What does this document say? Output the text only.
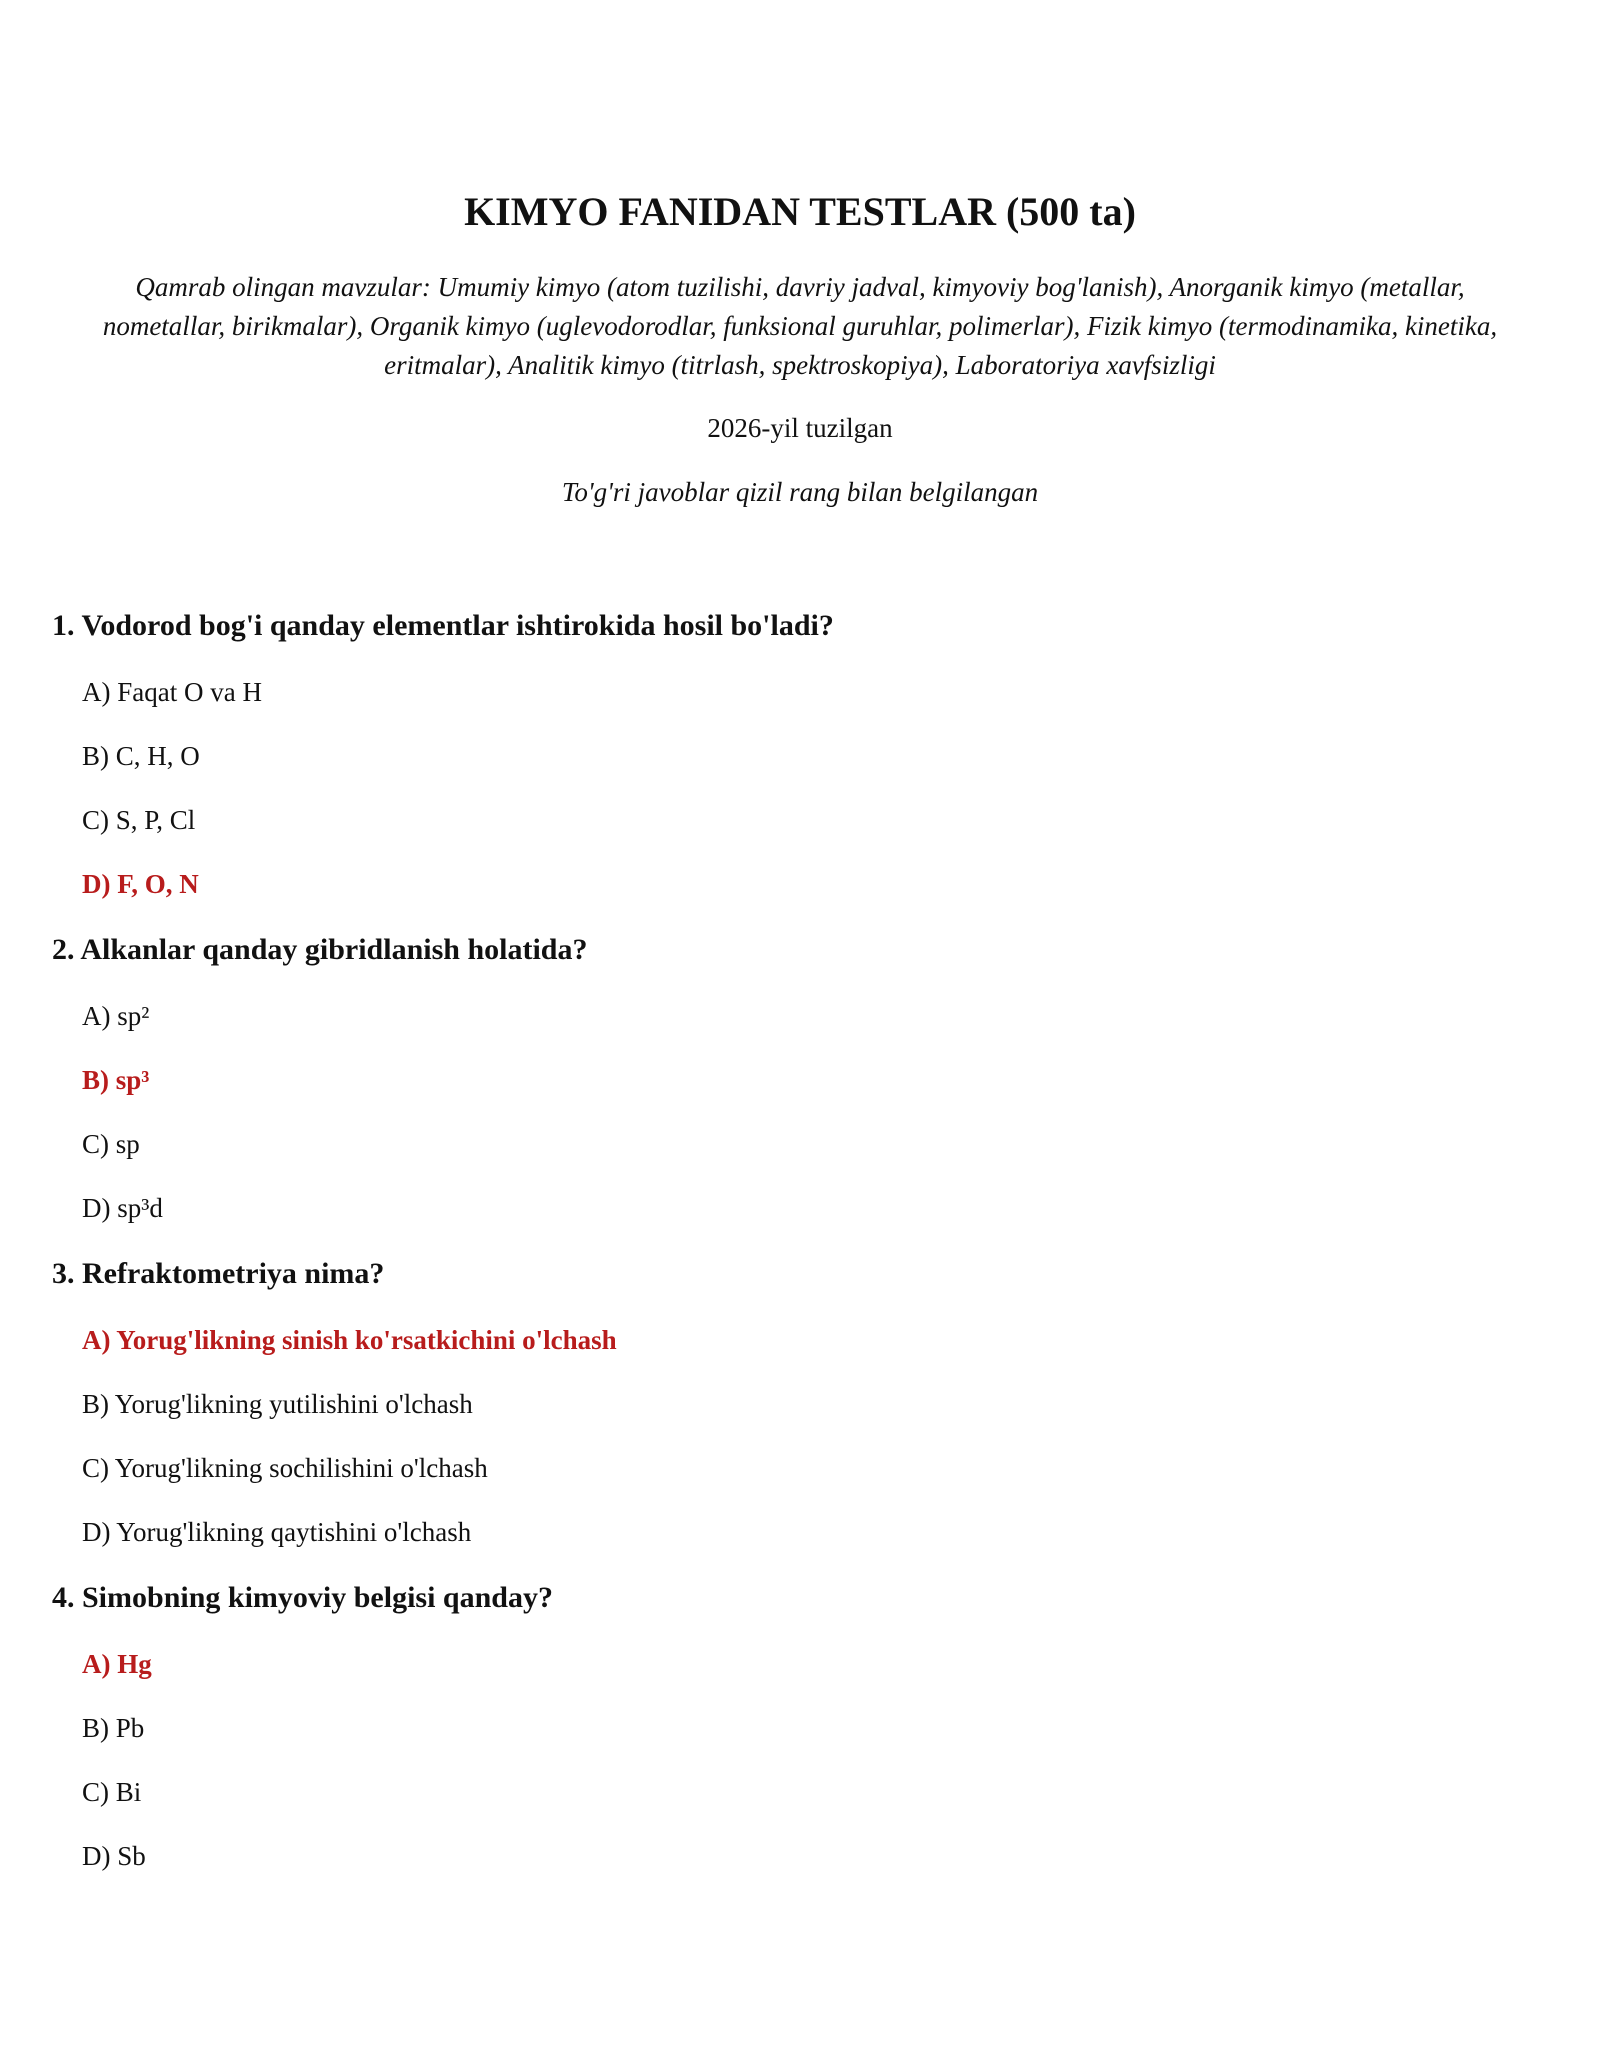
KIMYO FANIDAN TESTLAR (500 ta)

Qamrab olingan mavzular: Umumiy kimyo (atom tuzilishi, davriy jadval, kimyoviy bog'lanish), Anorganik kimyo (metallar, nometallar, birikmalar), Organik kimyo (uglevodorodlar, funksional guruhlar, polimerlar), Fizik kimyo (termodinamika, kinetika, eritmalar), Analitik kimyo (titrlash, spektroskopiya), Laboratoriya xavfsizligi

2026-yil tuzilgan

To'g'ri javoblar qizil rang bilan belgilangan

1. Vodorod bog'i qanday elementlar ishtirokida hosil bo'ladi?

A) Faqat O va H

B) C, H, O

C) S, P, Cl

D) F, O, N

2. Alkanlar qanday gibridlanish holatida?

A) sp²

B) sp³

C) sp

D) sp³d

3. Refraktometriya nima?

A) Yorug'likning sinish ko'rsatkichini o'lchash

B) Yorug'likning yutilishini o'lchash

C) Yorug'likning sochilishini o'lchash

D) Yorug'likning qaytishini o'lchash

4. Simobning kimyoviy belgisi qanday?

A) Hg

B) Pb

C) Bi

D) Sb
